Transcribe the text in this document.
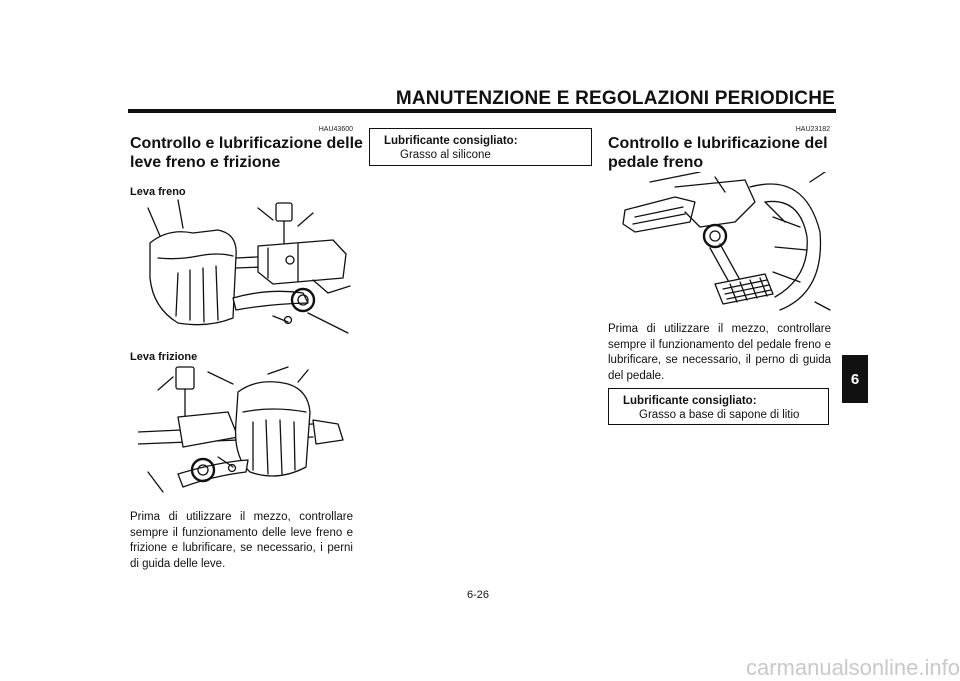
MANUTENZIONE E REGOLAZIONI PERIODICHE
HAU43600
Controllo e lubrificazione delle
leve freno e frizione
Leva freno
Leva frizione
Prima di utilizzare il mezzo, controllare sempre il funzionamento delle leve freno e frizione e lubrificare, se necessario, i perni di guida delle leve.
Lubrificante consigliato:
Grasso al silicone
HAU23182
Controllo e lubrificazione del
pedale freno
Prima di utilizzare il mezzo, controllare sempre il funzionamento del pedale freno e lubrificare, se necessario, il perno di guida del pedale.
Lubrificante consigliato:
Grasso a base di sapone di litio
6
6-26
carmanualsonline.info
